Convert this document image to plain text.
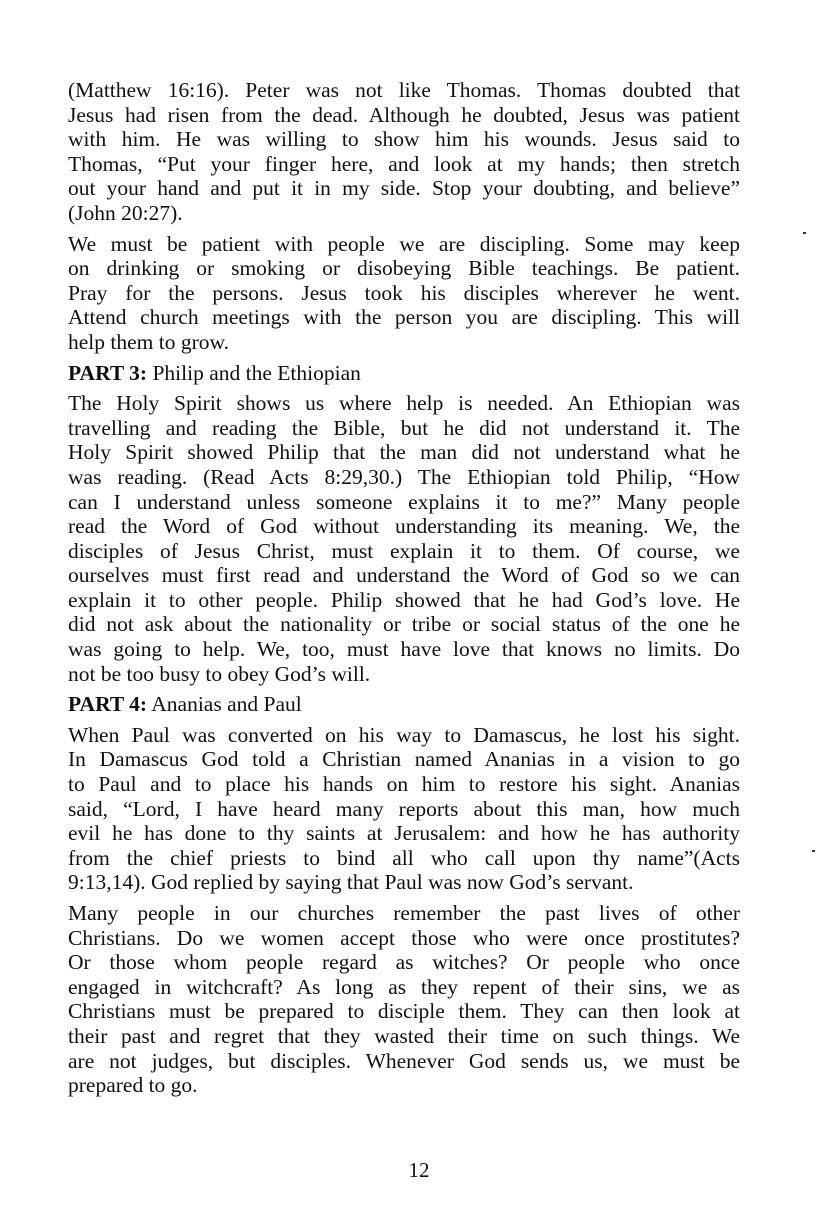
(Matthew 16:16). Peter was not like Thomas. Thomas doubted that
Jesus had risen from the dead. Although he doubted, Jesus was patient
with him. He was willing to show him his wounds. Jesus said to
Thomas, “Put your finger here, and look at my hands; then stretch
out your hand and put it in my side. Stop your doubting, and believe”
(John 20:27).
We must be patient with people we are discipling. Some may keep
on drinking or smoking or disobeying Bible teachings. Be patient.
Pray for the persons. Jesus took his disciples wherever he went.
Attend church meetings with the person you are discipling. This will
help them to grow.
PART 3: Philip and the Ethiopian
The Holy Spirit shows us where help is needed. An Ethiopian was
travelling and reading the Bible, but he did not understand it. The
Holy Spirit showed Philip that the man did not understand what he
was reading. (Read Acts 8:29,30.) The Ethiopian told Philip, “How
can I understand unless someone explains it to me?” Many people
read the Word of God without understanding its meaning. We, the
disciples of Jesus Christ, must explain it to them. Of course, we
ourselves must first read and understand the Word of God so we can
explain it to other people. Philip showed that he had God’s love. He
did not ask about the nationality or tribe or social status of the one he
was going to help. We, too, must have love that knows no limits. Do
not be too busy to obey God’s will.
PART 4: Ananias and Paul
When Paul was converted on his way to Damascus, he lost his sight.
In Damascus God told a Christian named Ananias in a vision to go
to Paul and to place his hands on him to restore his sight. Ananias
said, “Lord, I have heard many reports about this man, how much
evil he has done to thy saints at Jerusalem: and how he has authority
from the chief priests to bind all who call upon thy name”(Acts
9:13,14). God replied by saying that Paul was now God’s servant.
Many people in our churches remember the past lives of other
Christians. Do we women accept those who were once prostitutes?
Or those whom people regard as witches? Or people who once
engaged in witchcraft? As long as they repent of their sins, we as
Christians must be prepared to disciple them. They can then look at
their past and regret that they wasted their time on such things. We
are not judges, but disciples. Whenever God sends us, we must be
prepared to go.
12
